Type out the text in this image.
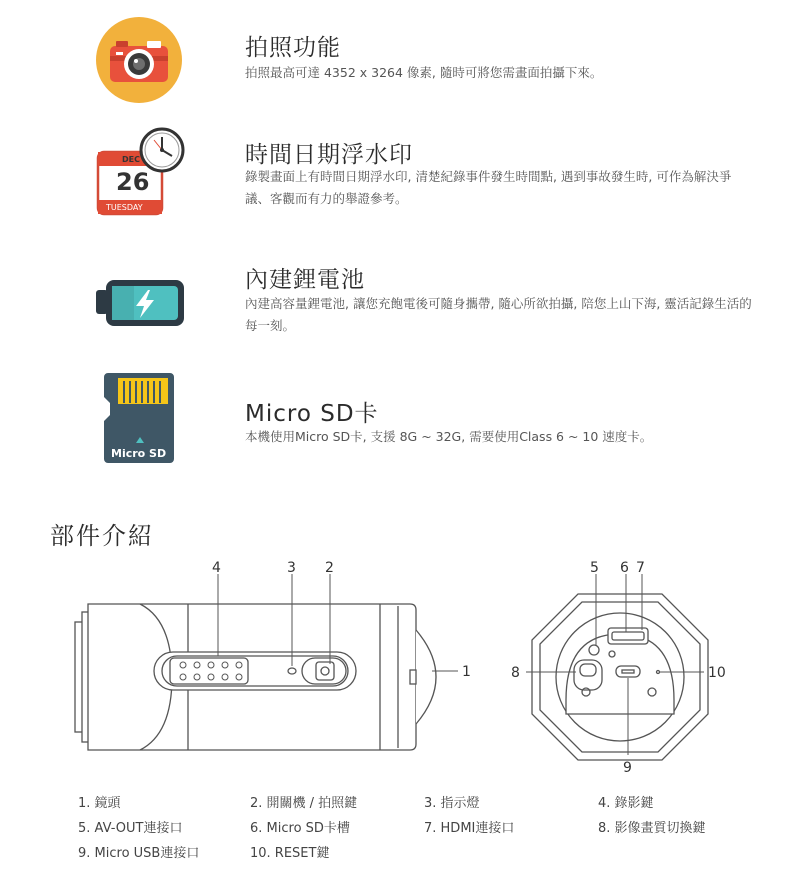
拍照功能
拍照最高可達 4352 x 3264 像素, 隨時可將您需畫面拍攝下來。
DEC
26
TUESDAY
時間日期浮水印
錄製畫面上有時間日期浮水印, 清楚紀錄事件發生時間點, 遇到事故發生時, 可作為解決爭議、客觀而有力的舉證參考。
內建鋰電池
內建高容量鋰電池, 讓您充飽電後可隨身攜帶, 隨心所欲拍攝, 陪您上山下海, 靈活記錄生活的每一刻。
Micro SD
Micro SD卡
本機使用Micro SD卡, 支援 8G ~ 32G, 需要使用Class 6 ~ 10 速度卡。
部件介紹
4	3 2
1
5 6 7
8	10
9
1. 鏡頭	2. 開關機 / 拍照鍵	3. 指示燈	4. 錄影鍵
5. AV-OUT連接口	6. Micro SD卡槽	7. HDMI連接口	8. 影像畫質切換鍵
9. Micro USB連接口	10. RESET鍵
